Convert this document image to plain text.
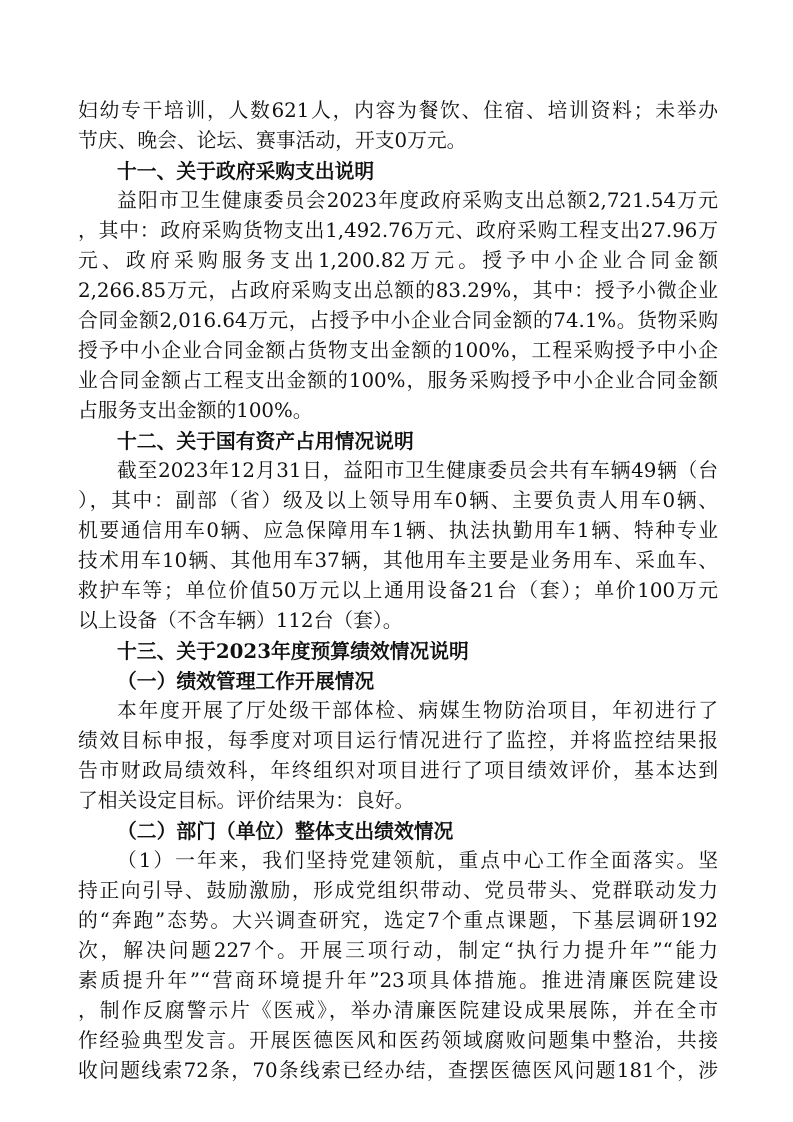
妇幼专干培训，人数621人，内容为餐饮、住宿、培训资料；未举办
节庆、晚会、论坛、赛事活动，开支0万元。
十一、关于政府采购支出说明
益阳市卫生健康委员会2023年度政府采购支出总额2,721.54万元
，其中：政府采购货物支出1,492.76万元、政府采购工程支出27.96万
元、政府采购服务支出1,200.82万元。授予中小企业合同金额
2,266.85万元，占政府采购支出总额的83.29%，其中：授予小微企业
合同金额2,016.64万元，占授予中小企业合同金额的74.1%。货物采购
授予中小企业合同金额占货物支出金额的100%，工程采购授予中小企
业合同金额占工程支出金额的100%，服务采购授予中小企业合同金额
占服务支出金额的100%。
十二、关于国有资产占用情况说明
截至2023年12月31日，益阳市卫生健康委员会共有车辆49辆（台
），其中：副部（省）级及以上领导用车0辆、主要负责人用车0辆、
机要通信用车0辆、应急保障用车1辆、执法执勤用车1辆、特种专业
技术用车10辆、其他用车37辆，其他用车主要是业务用车、采血车、
救护车等；单位价值50万元以上通用设备21台（套）；单价100万元
以上设备（不含车辆）112台（套）。
十三、关于2023年度预算绩效情况说明
（一）绩效管理工作开展情况
本年度开展了厅处级干部体检、病媒生物防治项目，年初进行了
绩效目标申报，每季度对项目运行情况进行了监控，并将监控结果报
告市财政局绩效科，年终组织对项目进行了项目绩效评价，基本达到
了相关设定目标。评价结果为：良好。
（二）部门（单位）整体支出绩效情况
（1）一年来，我们坚持党建领航，重点中心工作全面落实。坚
持正向引导、鼓励激励，形成党组织带动、党员带头、党群联动发力
的“奔跑”态势。大兴调查研究，选定7个重点课题，下基层调研192
次，解决问题227个。开展三项行动，制定“执行力提升年”“能力
素质提升年”“营商环境提升年”23项具体措施。推进清廉医院建设
，制作反腐警示片《医戒》，举办清廉医院建设成果展陈，并在全市
作经验典型发言。开展医德医风和医药领域腐败问题集中整治，共接
收问题线索72条，70条线索已经办结，查摆医德医风问题181个，涉
